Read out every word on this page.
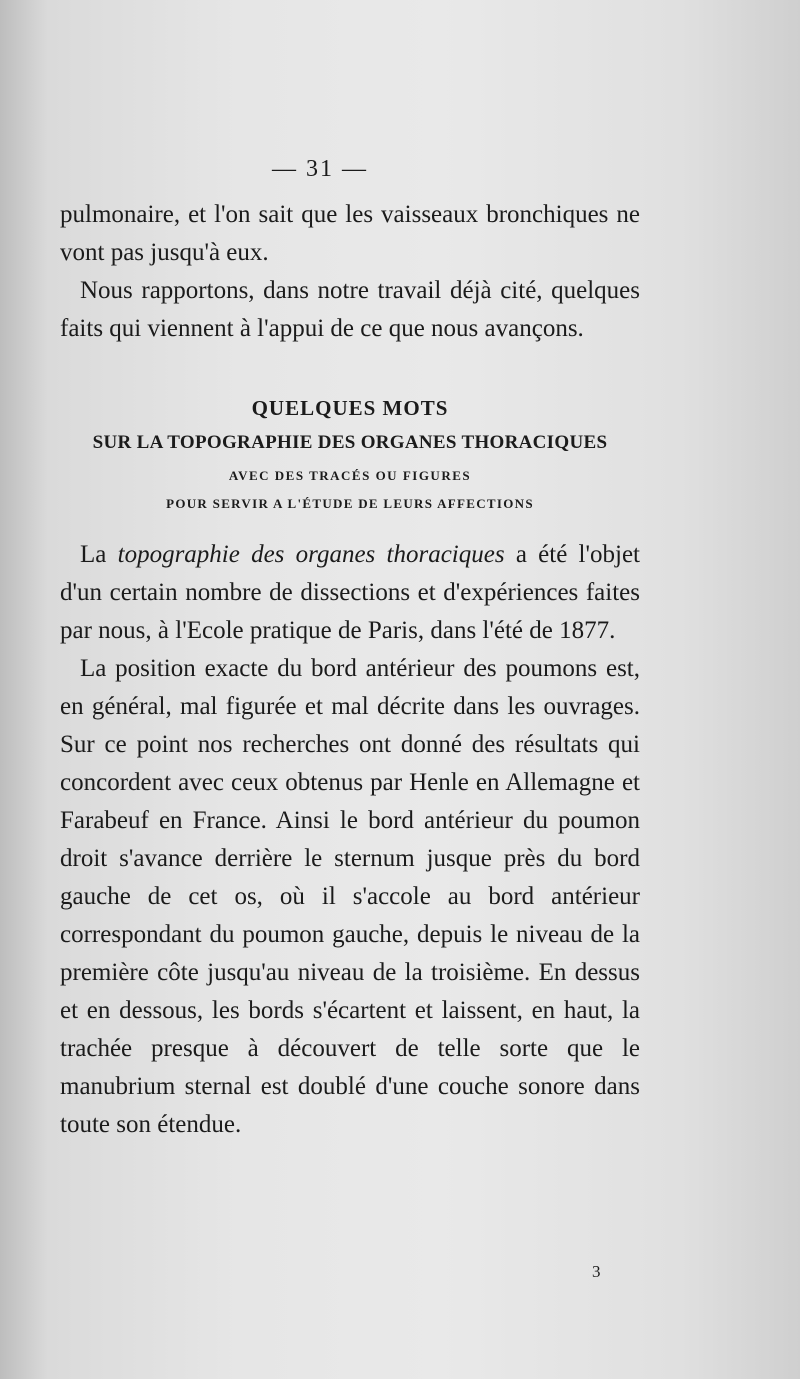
— 31 —

pulmonaire, et l'on sait que les vaisseaux bronchiques ne vont pas jusqu'à eux.

Nous rapportons, dans notre travail déjà cité, quelques faits qui viennent à l'appui de ce que nous avançons.

QUELQUES MOTS
SUR LA TOPOGRAPHIE DES ORGANES THORACIQUES
AVEC DES TRACÉS OU FIGURES
POUR SERVIR A L'ÉTUDE DE LEURS AFFECTIONS

La topographie des organes thoraciques a été l'objet d'un certain nombre de dissections et d'expériences faites par nous, à l'Ecole pratique de Paris, dans l'été de 1877.

La position exacte du bord antérieur des poumons est, en général, mal figurée et mal décrite dans les ouvrages. Sur ce point nos recherches ont donné des résultats qui concordent avec ceux obtenus par Henle en Allemagne et Farabeuf en France. Ainsi le bord antérieur du poumon droit s'avance derrière le sternum jusque près du bord gauche de cet os, où il s'accole au bord antérieur correspondant du poumon gauche, depuis le niveau de la première côte jusqu'au niveau de la troisième. En dessus et en dessous, les bords s'écartent et laissent, en haut, la trachée presque à découvert de telle sorte que le manubrium sternal est doublé d'une couche sonore dans toute son étendue.

3
